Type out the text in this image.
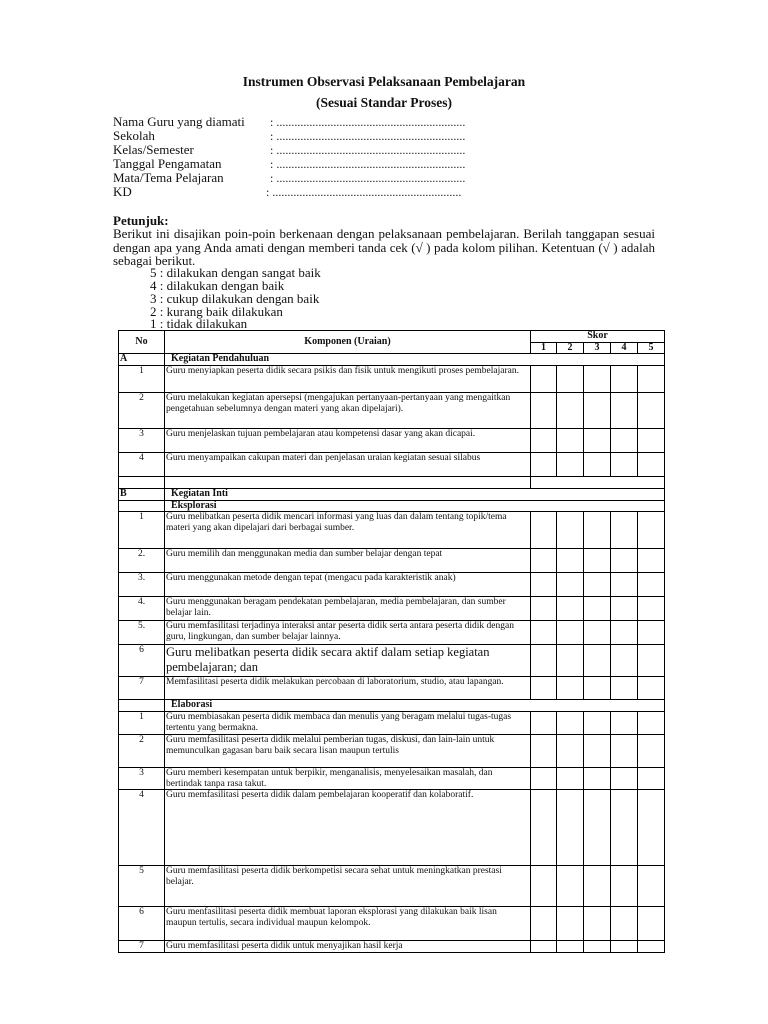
Instrumen Observasi Pelaksanaan Pembelajaran
(Sesuai Standar Proses)
Nama Guru yang diamati : ...............................................................
Sekolah	: ...............................................................
Kelas/Semester	: ...............................................................
Tanggal Pengamatan	: ...............................................................
Mata/Tema Pelajaran	: ...............................................................
KD	: ...............................................................
Petunjuk:
Berikut ini disajikan poin-poin berkenaan dengan pelaksanaan pembelajaran. Berilah tanggapan sesuai dengan apa yang Anda amati dengan memberi tanda cek (√ ) pada kolom pilihan. Ketentuan (√ ) adalah sebagai berikut.
5 : dilakukan dengan sangat baik
4 : dilakukan dengan baik
3 : cukup dilakukan dengan baik
2 : kurang baik dilakukan
1 : tidak dilakukan
No	Komponen (Uraian)	Skor				
		1	2	3	4	5
A	Kegiatan Pendahuluan					
1	Guru menyiapkan peserta didik secara psikis dan fisik untuk mengikuti proses pembelajaran.					
2	Guru melakukan kegiatan apersepsi (mengajukan pertanyaan-pertanyaan yang mengaitkan pengetahuan sebelumnya dengan materi yang akan dipelajari).					
3	Guru menjelaskan tujuan pembelajaran atau kompetensi dasar yang akan dicapai.					
4	Guru menyampaikan cakupan materi dan penjelasan uraian kegiatan sesuai silabus					

B	Kegiatan Inti					
	Eksplorasi					
1	Guru melibatkan peserta didik mencari informasi yang luas dan dalam tentang topik/tema materi yang akan dipelajari dari berbagai sumber.					
2.	Guru memilih dan menggunakan media dan sumber belajar dengan tepat					
3.	Guru menggunakan metode dengan tepat (mengacu pada karakteristik anak)					
4.	Guru menggunakan beragam pendekatan pembelajaran, media pembelajaran, dan sumber belajar lain.					
5.	Guru memfasilitasi terjadinya interaksi antar peserta didik serta antara peserta didik dengan guru, lingkungan, dan sumber belajar lainnya.					
6	Guru melibatkan peserta didik secara aktif dalam setiap kegiatan pembelajaran; dan					
7	Memfasilitasi peserta didik melakukan percobaan di laboratorium, studio, atau lapangan.					
	Elaborasi					
1	Guru membiasakan peserta didik membaca dan menulis yang beragam melalui tugas-tugas tertentu yang bermakna.					
2	Guru memfasilitasi peserta didik melalui pemberian tugas, diskusi, dan lain-lain untuk memunculkan gagasan baru baik secara lisan maupun tertulis					
3	Guru memberi kesempatan untuk berpikir, menganalisis, menyelesaikan masalah, dan bertindak tanpa rasa takut.					
4	Guru memfasilitasi peserta didik dalam pembelajaran kooperatif dan kolaboratif.					
5	Guru memfasilitasi peserta didik berkompetisi secara sehat untuk meningkatkan prestasi belajar.					
6	Guru menfasilitasi peserta didik membuat laporan eksplorasi yang dilakukan baik lisan maupun tertulis, secara individual maupun kelompok.					
7	Guru memfasilitasi peserta didik untuk menyajikan hasil kerja					
